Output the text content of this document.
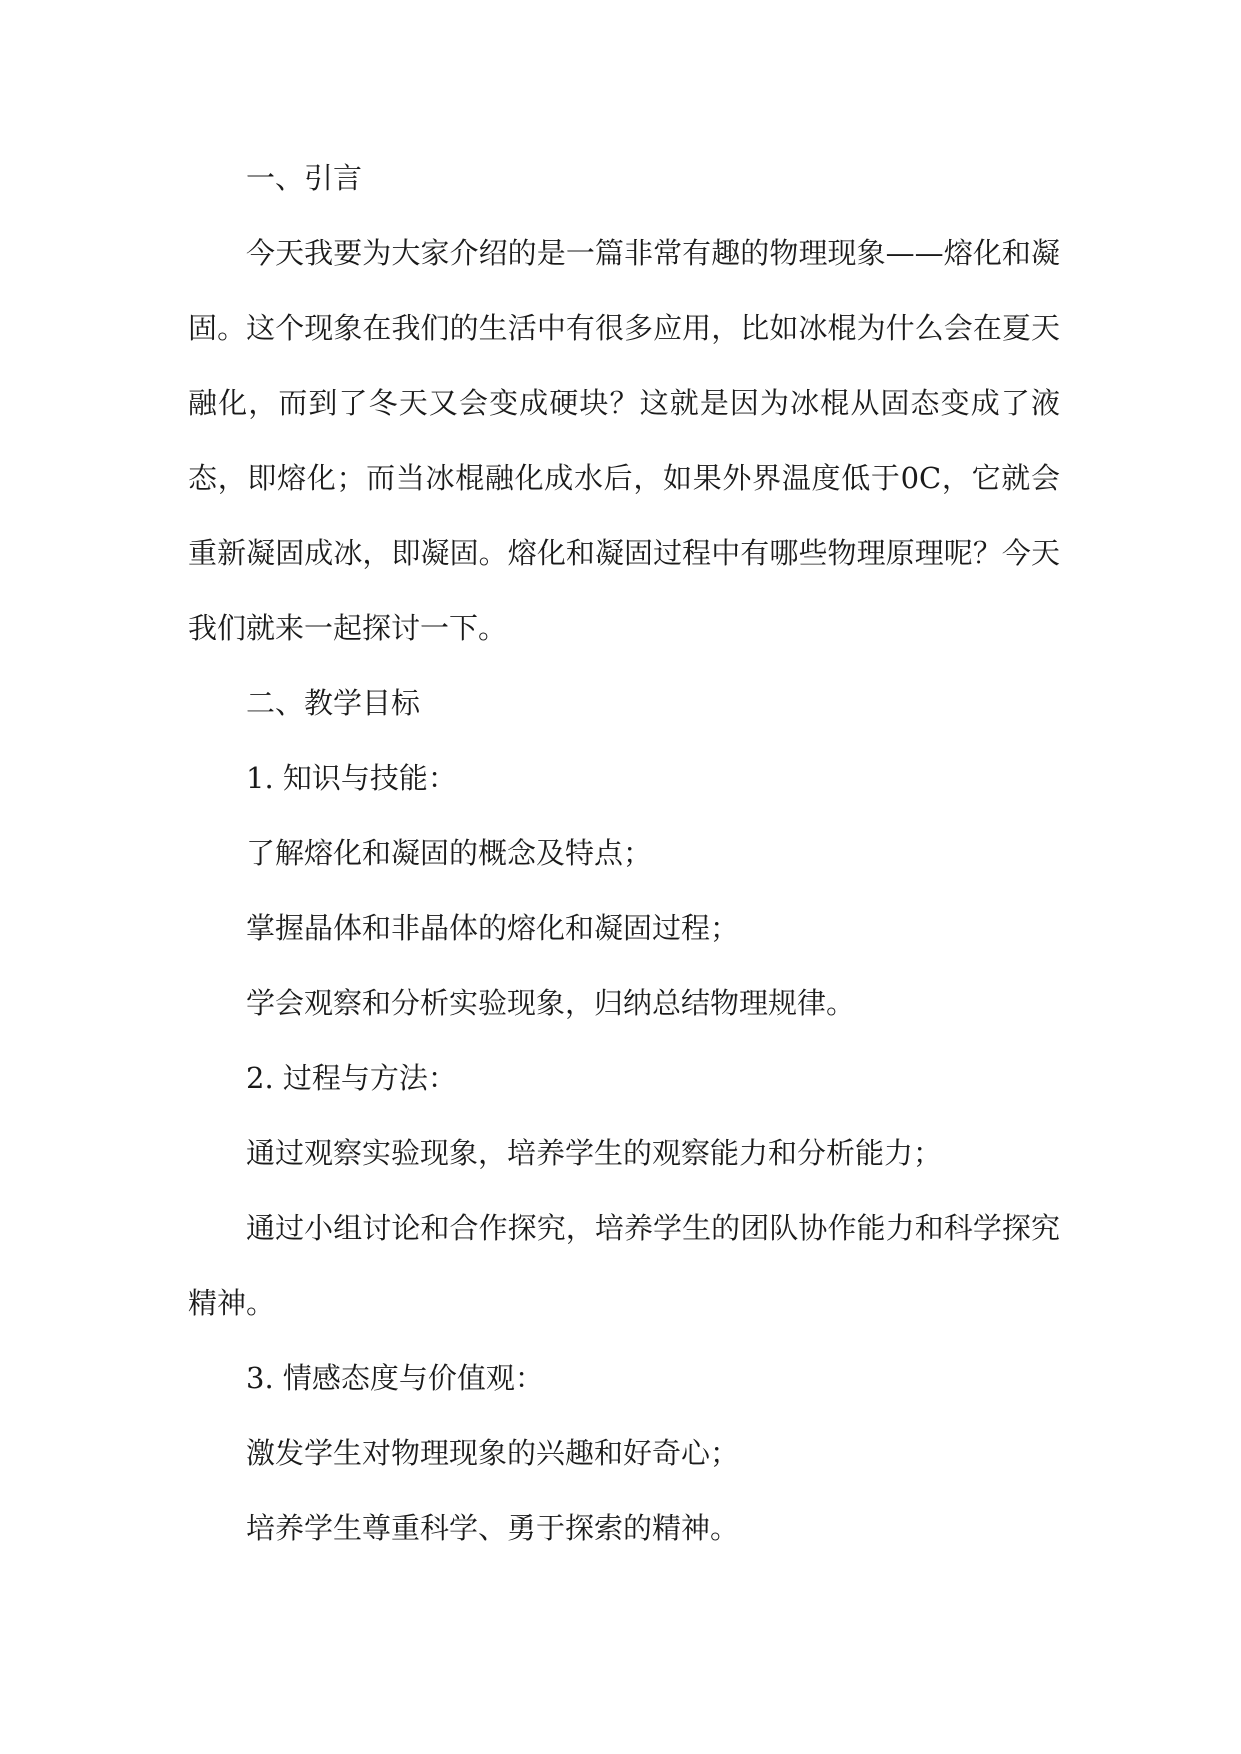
一、引言

今天我要为大家介绍的是一篇非常有趣的物理现象——熔化和凝固。这个现象在我们的生活中有很多应用，比如冰棍为什么会在夏天融化，而到了冬天又会变成硬块？这就是因为冰棍从固态变成了液态，即熔化；而当冰棍融化成水后，如果外界温度低于0C，它就会重新凝固成冰，即凝固。熔化和凝固过程中有哪些物理原理呢？今天我们就来一起探讨一下。

二、教学目标

1. 知识与技能：

了解熔化和凝固的概念及特点；

掌握晶体和非晶体的熔化和凝固过程；

学会观察和分析实验现象，归纳总结物理规律。

2. 过程与方法：

通过观察实验现象，培养学生的观察能力和分析能力；

通过小组讨论和合作探究，培养学生的团队协作能力和科学探究精神。

3. 情感态度与价值观：

激发学生对物理现象的兴趣和好奇心；

培养学生尊重科学、勇于探索的精神。
